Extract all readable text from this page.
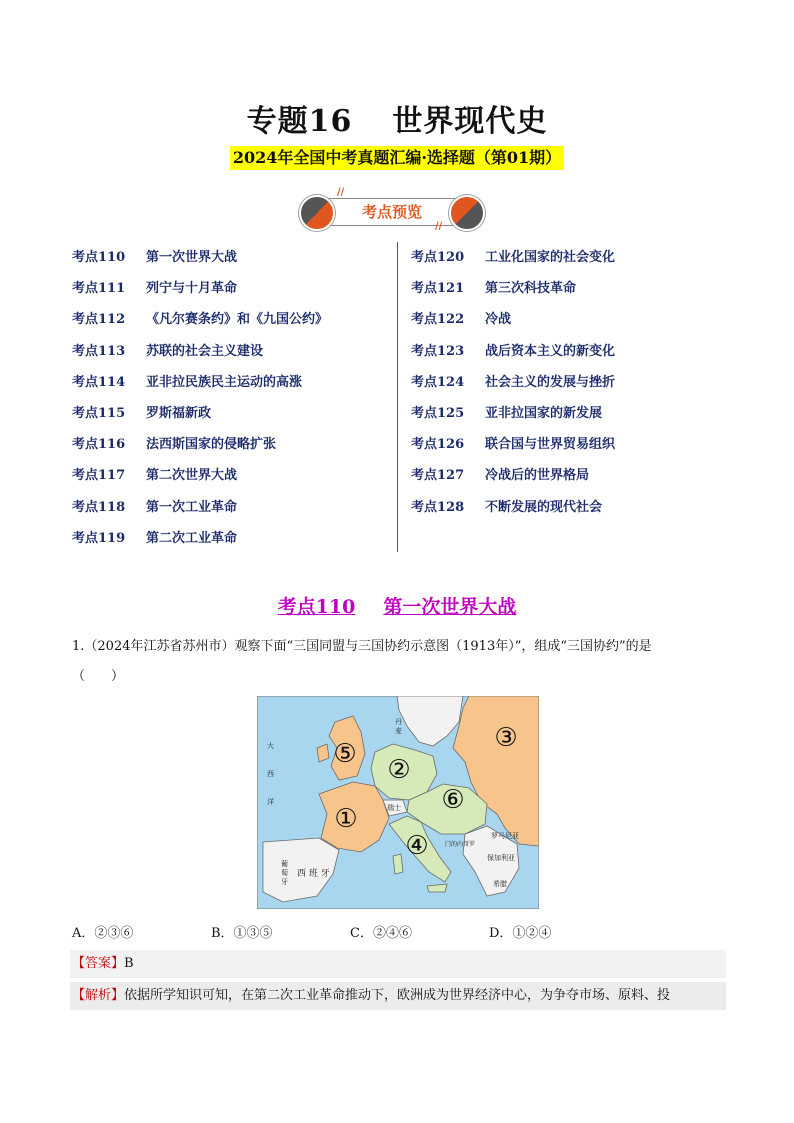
专题16 世界现代史
2024年全国中考真题汇编·选择题（第01期）
//
//
考点预览
考点110 第一次世界大战
考点111 列宁与十月革命
考点112 《凡尔赛条约》和《九国公约》
考点113 苏联的社会主义建设
考点114 亚非拉民族民主运动的高涨
考点115 罗斯福新政
考点116 法西斯国家的侵略扩张
考点117 第二次世界大战
考点118 第一次工业革命
考点119 第二次工业革命
考点120 工业化国家的社会变化
考点121 第三次科技革命
考点122 冷战
考点123 战后资本主义的新变化
考点124 社会主义的发展与挫折
考点125 亚非拉国家的新发展
考点126 联合国与世界贸易组织
考点127 冷战后的世界格局
考点128 不断发展的现代社会
考点110 第一次世界大战
1.（2024年江苏省苏州市）观察下面“三国同盟与三国协约示意图（1913年）”，组成“三国协约”的是
（　　）
①
②
③
④
⑤
⑥
大
西
洋
丹
麦
瑞士
葡
萄
牙
西 班 牙
罗马尼亚
保加利亚
希腊
门的内哥罗
A．②③⑥	B．①③⑤	C．②④⑥	D．①②④
【答案】B
【解析】依据所学知识可知，在第二次工业革命推动下，欧洲成为世界经济中心，为争夺市场、原料、投
